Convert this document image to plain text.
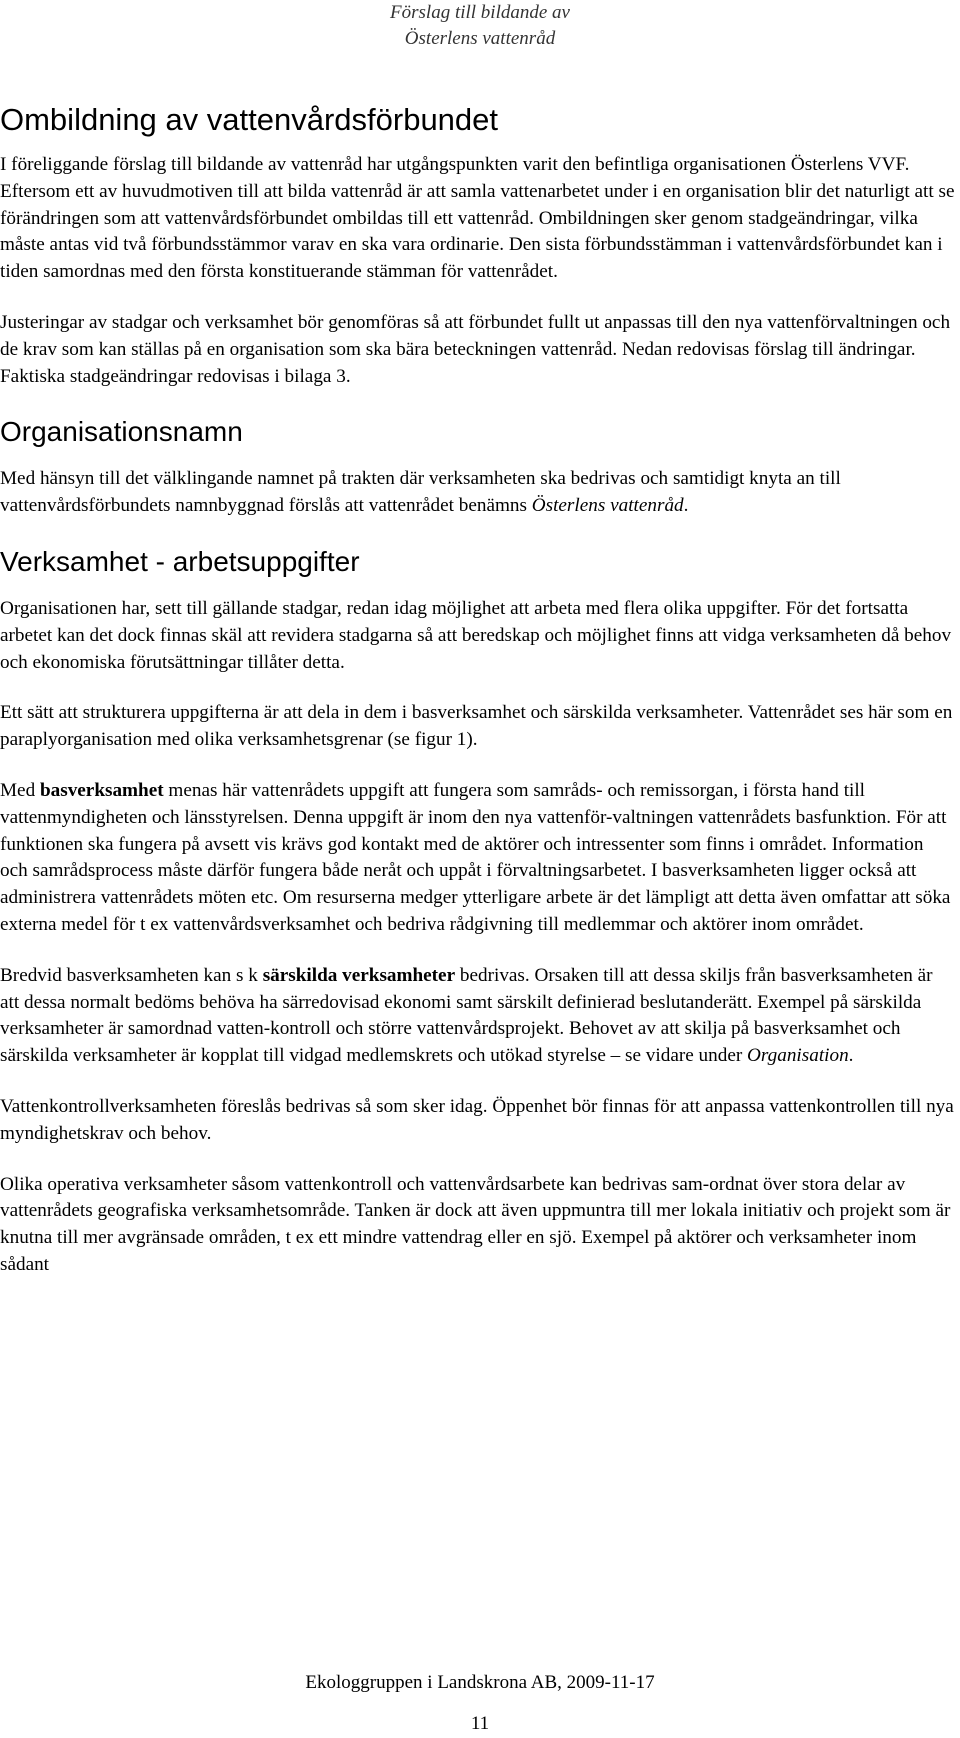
Förslag till bildande av
Österlens vattenråd
Ombildning av vattenvårdsförbundet

I föreliggande förslag till bildande av vattenråd har utgångspunkten varit den befintliga organisationen Österlens VVF. Eftersom ett av huvudmotiven till att bilda vattenråd är att samla vattenarbetet under i en organisation blir det naturligt att se förändringen som att vattenvårdsförbundet ombildas till ett vattenråd. Ombildningen sker genom stadgeändringar, vilka måste antas vid två förbundsstämmor varav en ska vara ordinarie. Den sista förbundsstämman i vattenvårdsförbundet kan i tiden samordnas med den första konstituerande stämman för vattenrådet.

Justeringar av stadgar och verksamhet bör genomföras så att förbundet fullt ut anpassas till den nya vattenförvaltningen och de krav som kan ställas på en organisation som ska bära beteckningen vattenråd. Nedan redovisas förslag till ändringar. Faktiska stadgeändringar redovisas i bilaga 3.

Organisationsnamn

Med hänsyn till det välklingande namnet på trakten där verksamheten ska bedrivas och samtidigt knyta an till vattenvårdsförbundets namnbyggnad förslås att vattenrådet benämns Österlens vattenråd.

Verksamhet - arbetsuppgifter

Organisationen har, sett till gällande stadgar, redan idag möjlighet att arbeta med flera olika uppgifter. För det fortsatta arbetet kan det dock finnas skäl att revidera stadgarna så att beredskap och möjlighet finns att vidga verksamheten då behov och ekonomiska förutsättningar tillåter detta.

Ett sätt att strukturera uppgifterna är att dela in dem i basverksamhet och särskilda verksamheter. Vattenrådet ses här som en paraplyorganisation med olika verksamhetsgrenar (se figur 1).

Med basverksamhet menas här vattenrådets uppgift att fungera som samråds- och remissorgan, i första hand till vattenmyndigheten och länsstyrelsen. Denna uppgift är inom den nya vattenför-valtningen vattenrådets basfunktion. För att funktionen ska fungera på avsett vis krävs god kontakt med de aktörer och intressenter som finns i området. Information och samrådsprocess måste därför fungera både neråt och uppåt i förvaltningsarbetet. I basverksamheten ligger också att administrera vattenrådets möten etc. Om resurserna medger ytterligare arbete är det lämpligt att detta även omfattar att söka externa medel för t ex vattenvårdsverksamhet och bedriva rådgivning till medlemmar och aktörer inom området.

Bredvid basverksamheten kan s k särskilda verksamheter bedrivas. Orsaken till att dessa skiljs från basverksamheten är att dessa normalt bedöms behöva ha särredovisad ekonomi samt särskilt definierad beslutanderätt. Exempel på särskilda verksamheter är samordnad vatten-kontroll och större vattenvårdsprojekt. Behovet av att skilja på basverksamhet och särskilda verksamheter är kopplat till vidgad medlemskrets och utökad styrelse – se vidare under Organisation.

Vattenkontrollverksamheten föreslås bedrivas så som sker idag. Öppenhet bör finnas för att anpassa vattenkontrollen till nya myndighetskrav och behov.

Olika operativa verksamheter såsom vattenkontroll och vattenvårdsarbete kan bedrivas sam-ordnat över stora delar av vattenrådets geografiska verksamhetsområde. Tanken är dock att även uppmuntra till mer lokala initiativ och projekt som är knutna till mer avgränsade områden, t ex ett mindre vattendrag eller en sjö. Exempel på aktörer och verksamheter inom sådant

Ekologgruppen i Landskrona AB, 2009-11-17
11
